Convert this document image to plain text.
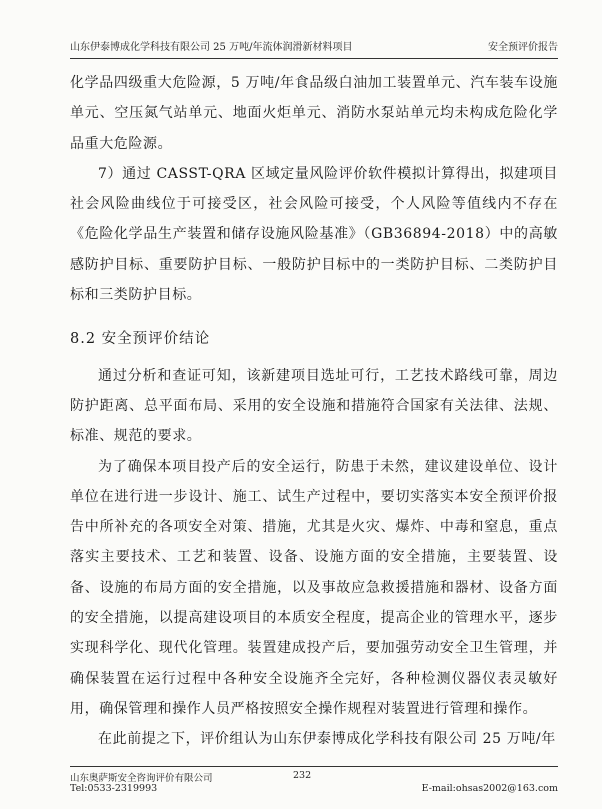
山东伊泰博成化学科技有限公司 25 万吨/年流体润滑新材料项目	安全预评价报告

化学品四级重大危险源，5 万吨/年食品级白油加工装置单元、汽车装车设施单元、空压氮气站单元、地面火炬单元、消防水泵站单元均未构成危险化学品重大危险源。

7）通过 CASST-QRA 区域定量风险评价软件模拟计算得出，拟建项目社会风险曲线位于可接受区，社会风险可接受，个人风险等值线内不存在《危险化学品生产装置和储存设施风险基准》（GB36894-2018）中的高敏感防护目标、重要防护目标、一般防护目标中的一类防护目标、二类防护目标和三类防护目标。

8.2 安全预评价结论

通过分析和查证可知，该新建项目选址可行，工艺技术路线可靠，周边防护距离、总平面布局、采用的安全设施和措施符合国家有关法律、法规、标准、规范的要求。

为了确保本项目投产后的安全运行，防患于未然，建议建设单位、设计单位在进行进一步设计、施工、试生产过程中，要切实落实本安全预评价报告中所补充的各项安全对策、措施，尤其是火灾、爆炸、中毒和窒息，重点落实主要技术、工艺和装置、设备、设施方面的安全措施，主要装置、设备、设施的布局方面的安全措施，以及事故应急救援措施和器材、设备方面的安全措施，以提高建设项目的本质安全程度，提高企业的管理水平，逐步实现科学化、现代化管理。装置建成投产后，要加强劳动安全卫生管理，并确保装置在运行过程中各种安全设施齐全完好，各种检测仪器仪表灵敏好用，确保管理和操作人员严格按照安全操作规程对装置进行管理和操作。

在此前提之下，评价组认为山东伊泰博成化学科技有限公司 25 万吨/年

山东奥萨斯安全咨询评价有限公司	232
Tel:0533-2319993	E-mail:ohsas2002@163.com
